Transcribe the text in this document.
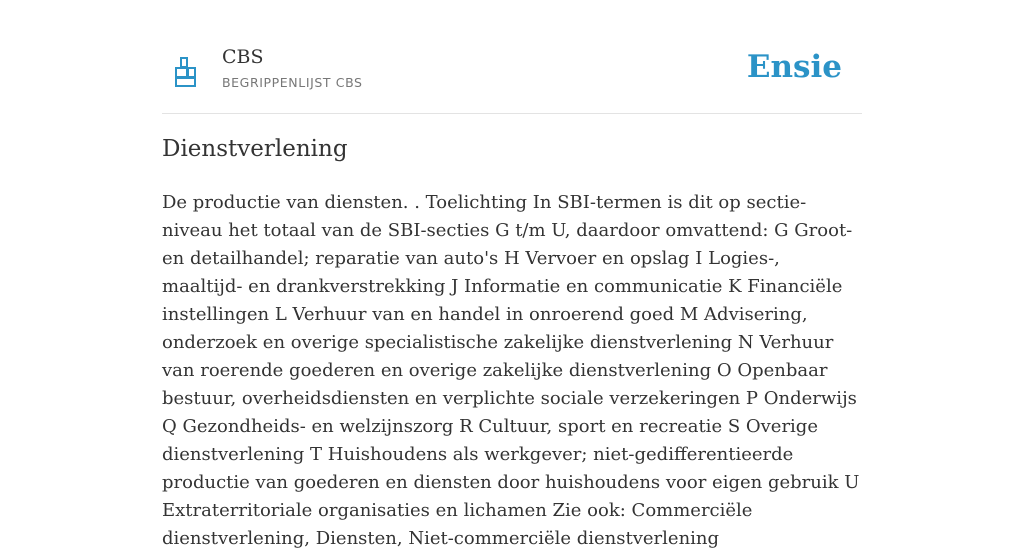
CBS
BEGRIPPENLIJST CBS	Ensie
Dienstverlening

De productie van diensten. . Toelichting In SBI-termen is dit op sectie-niveau het totaal van de SBI-secties G t/m U, daardoor omvattend: G Groot- en detailhandel; reparatie van auto's H Vervoer en opslag I Logies-, maaltijd- en drankverstrekking J Informatie en communicatie K Financiële instellingen L Verhuur van en handel in onroerend goed M Advisering, onderzoek en overige specialistische zakelijke dienstverlening N Verhuur van roerende goederen en overige zakelijke dienstverlening O Openbaar bestuur, overheidsdiensten en verplichte sociale verzekeringen P Onderwijs Q Gezondheids- en welzijnszorg R Cultuur, sport en recreatie S Overige dienstverlening T Huishoudens als werkgever; niet-gedifferentieerde productie van goederen en diensten door huishoudens voor eigen gebruik U Extraterritoriale organisaties en lichamen Zie ook: Commerciële dienstverlening, Diensten, Niet-commerciële dienstverlening
